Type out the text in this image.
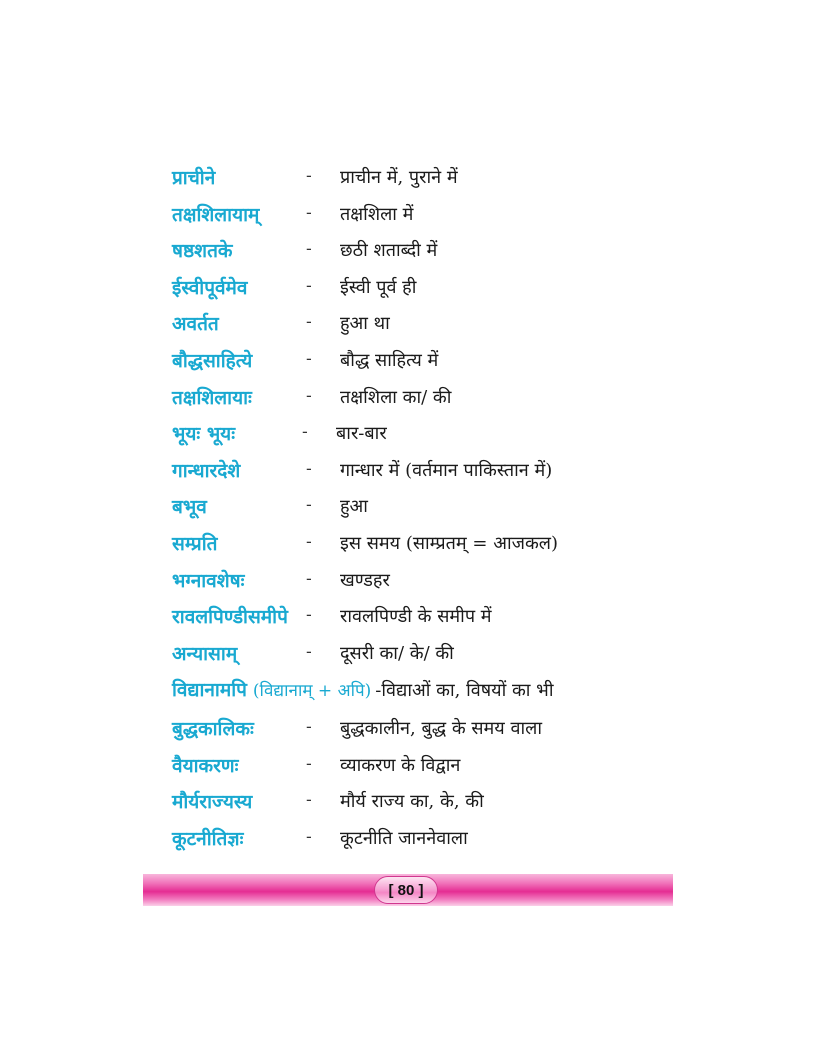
प्राचीने	- प्राचीन में, पुराने में
तक्षशिलायाम्	- तक्षशिला में
षष्ठशतके	- छठी शताब्दी में
ईस्वीपूर्वमेव	- ईस्वी पूर्व ही
अवर्तत	- हुआ था
बौद्धसाहित्ये	- बौद्ध साहित्य में
तक्षशिलायाः	- तक्षशिला का/ की
भूयः भूयः	- बार-बार
गान्धारदेशे	- गान्धार में (वर्तमान पाकिस्तान में)
बभूव	- हुआ
सम्प्रति	- इस समय (साम्प्रतम् = आजकल)
भग्नावशेषः	- खण्डहर
रावलपिण्डीसमीपे - रावलपिण्डी के समीप में
अन्यासाम्	- दूसरी का/ के/ की
विद्यानामपि (विद्यानाम् + अपि) -विद्याओं का, विषयों का भी
बुद्धकालिकः	- बुद्धकालीन, बुद्ध के समय वाला
वैयाकरणः	- व्याकरण के विद्वान
मौर्यराज्यस्य	- मौर्य राज्य का, के, की
कूटनीतिज्ञः	- कूटनीति जाननेवाला
[ 80 ]
